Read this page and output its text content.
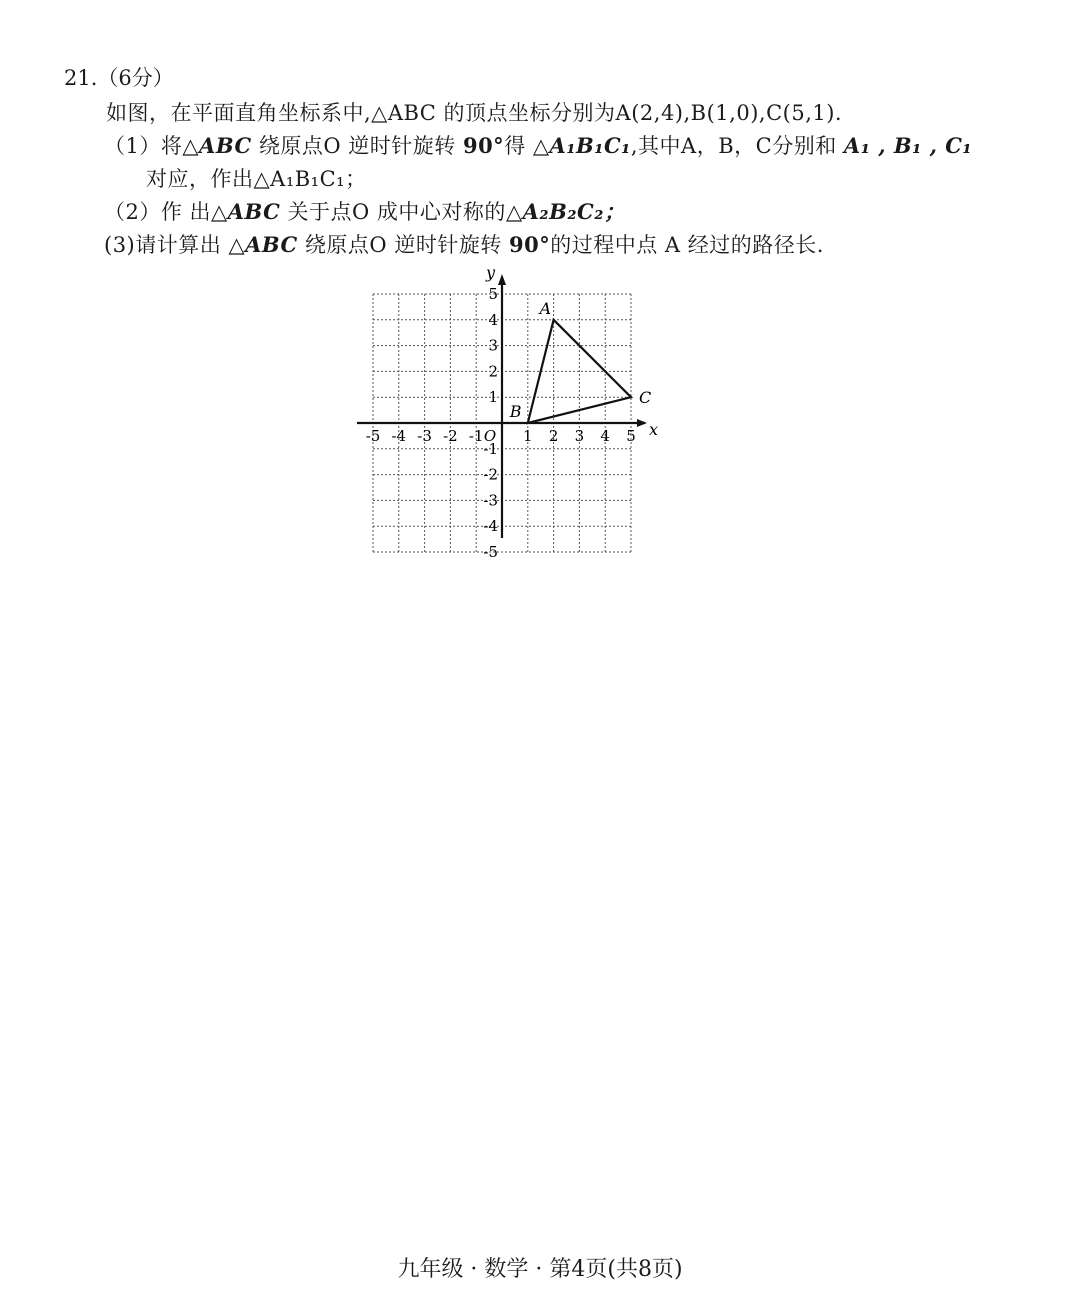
21.（6分）
如图，在平面直角坐标系中,△ABC 的顶点坐标分别为A(2,4),B(1,0),C(5,1).
（1）将△ABC 绕原点O 逆时针旋转 90°得 △A₁B₁C₁,其中A，B，C分别和 A₁ , B₁ , C₁
对应，作出△A₁B₁C₁；
（2）作 出△ABC 关于点O 成中心对称的△A₂B₂C₂；
(3)请计算出 △ABC 绕原点O 逆时针旋转 90°的过程中点 A 经过的路径长.
x
y
-5 -4 -3 -2 -1	1 2 3 4 5
O
5
4
3
2
1
-1
-2
-3
-4
-5
A
B
C
九年级 · 数学 · 第4页(共8页)
